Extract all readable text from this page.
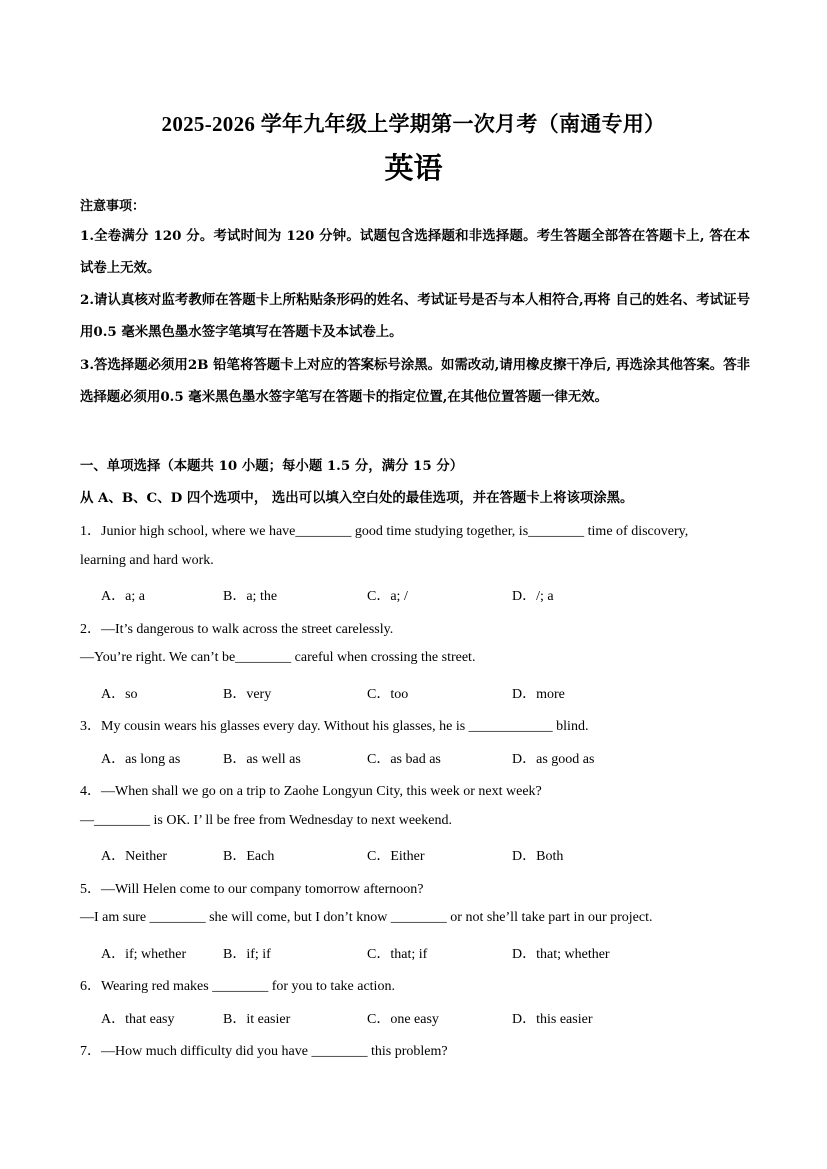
2025-2026 学年九年级上学期第一次月考（南通专用）
英语
注意事项：
1.全卷满分 120 分。考试时间为 120 分钟。试题包含选择题和非选择题。考生答题全部答在答题卡上, 答在本试卷上无效。
2.请认真核对监考教师在答题卡上所粘贴条形码的姓名、考试证号是否与本人相符合,再将 自己的姓名、考试证号用0.5 毫米黑色墨水签字笔填写在答题卡及本试卷上。
3.答选择题必须用2B 铅笔将答题卡上对应的答案标号涂黑。如需改动,请用橡皮擦干净后, 再选涂其他答案。答非选择题必须用0.5 毫米黑色墨水签字笔写在答题卡的指定位置,在其他位置答题一律无效。
一、单项选择（本题共 10 小题；每小题 1.5 分，满分 15 分）
从 A、B、C、D 四个选项中， 选出可以填入空白处的最佳选项，并在答题卡上将该项涂黑。
1．Junior high school, where we have________ good time studying together, is________ time of discovery,
learning and hard work.
A．a; a	B．a; the	C．a; /	D．/; a
2．—It’s dangerous to walk across the street carelessly.
—You’re right. We can’t be________ careful when crossing the street.
A．so	B．very	C．too	D．more
3．My cousin wears his glasses every day. Without his glasses, he is ____________ blind.
A．as long as	B．as well as	C．as bad as	D．as good as
4．—When shall we go on a trip to Zaohe Longyun City, this week or next week?
—________ is OK. I’ ll be free from Wednesday to next weekend.
A．Neither	B．Each	C．Either	D．Both
5．—Will Helen come to our company tomorrow afternoon?
—I am sure ________ she will come, but I don’t know ________ or not she’ll take part in our project.
A．if; whether	B．if; if	C．that; if	D．that; whether
6．Wearing red makes ________ for you to take action.
A．that easy	B．it easier	C．one easy	D．this easier
7．—How much difficulty did you have ________ this problem?
